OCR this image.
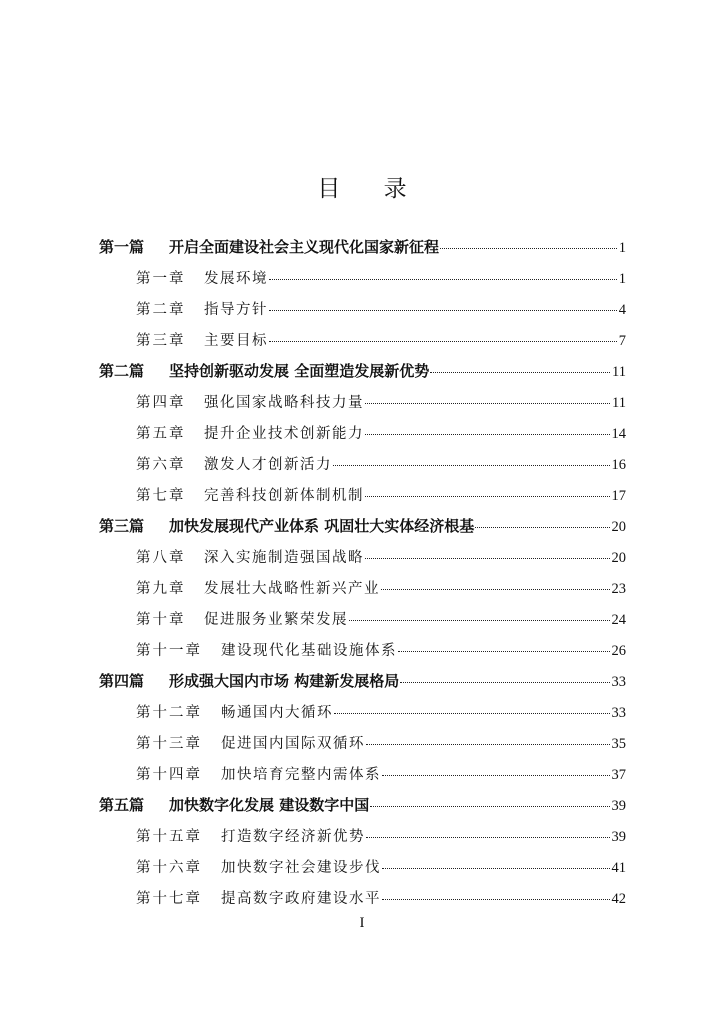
目 录
第一篇	开启全面建设社会主义现代化国家新征程	1
第一章	发展环境	1
第二章	指导方针	4
第三章	主要目标	7
第二篇	坚持创新驱动发展 全面塑造发展新优势	11
第四章	强化国家战略科技力量	11
第五章	提升企业技术创新能力	14
第六章	激发人才创新活力	16
第七章	完善科技创新体制机制	17
第三篇	加快发展现代产业体系 巩固壮大实体经济根基	20
第八章	深入实施制造强国战略	20
第九章	发展壮大战略性新兴产业	23
第十章	促进服务业繁荣发展	24
第十一章	建设现代化基础设施体系	26
第四篇	形成强大国内市场 构建新发展格局	33
第十二章	畅通国内大循环	33
第十三章	促进国内国际双循环	35
第十四章	加快培育完整内需体系	37
第五篇	加快数字化发展 建设数字中国	39
第十五章	打造数字经济新优势	39
第十六章	加快数字社会建设步伐	41
第十七章	提高数字政府建设水平	42
I
